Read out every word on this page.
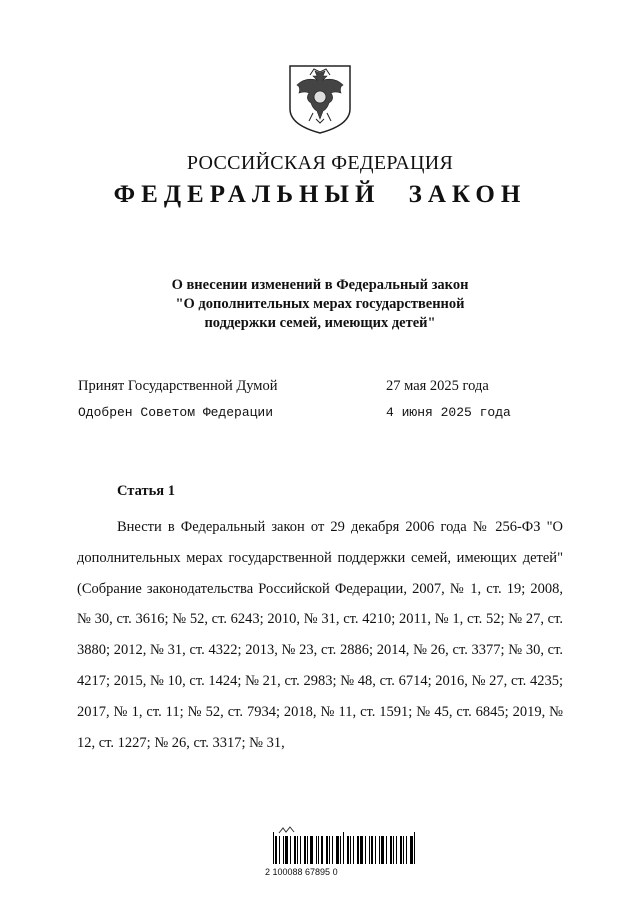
РОССИЙСКАЯ ФЕДЕРАЦИЯ
ФЕДЕРАЛЬНЫЙ ЗАКОН
О внесении изменений в Федеральный закон
"О дополнительных мерах государственной
поддержки семей, имеющих детей"
Принят Государственной Думой	27 мая 2025 года
Одобрен Советом Федерации	4 июня 2025 года
Статья 1

Внести в Федеральный закон от 29 декабря 2006 года № 256-ФЗ "О дополнительных мерах государственной поддержки семей, имеющих детей" (Собрание законодательства Российской Федерации, 2007, № 1, ст. 19; 2008, № 30, ст. 3616; № 52, ст. 6243; 2010, № 31, ст. 4210; 2011, № 1, ст. 52; № 27, ст. 3880; 2012, № 31, ст. 4322; 2013, № 23, ст. 2886; 2014, № 26, ст. 3377; № 30, ст. 4217; 2015, № 10, ст. 1424; № 21, ст. 2983; № 48, ст. 6714; 2016, № 27, ст. 4235; 2017, № 1, ст. 11; № 52, ст. 7934; 2018, № 11, ст. 1591; № 45, ст. 6845; 2019, № 12, ст. 1227; № 26, ст. 3317; № 31,

2 100088 67895 0
